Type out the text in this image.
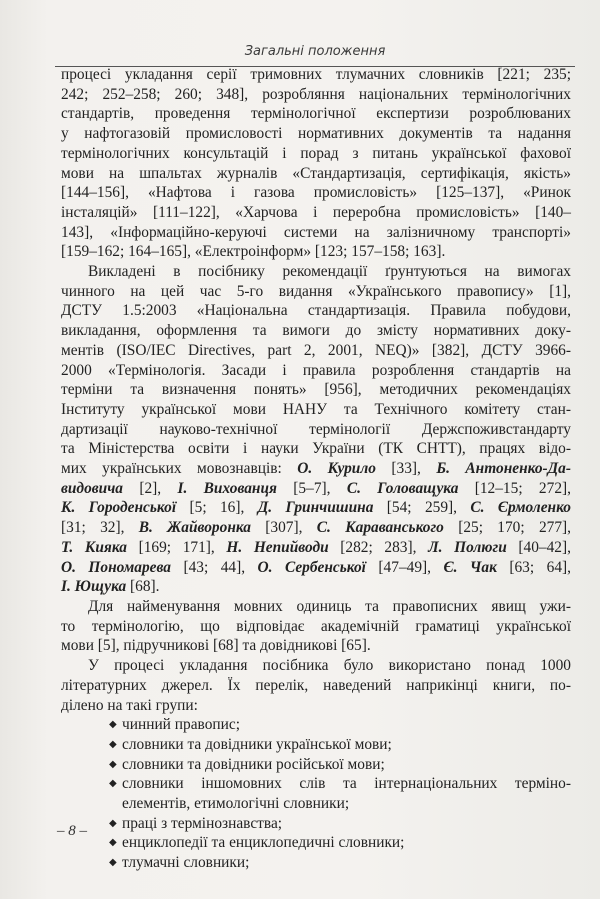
Загальні положення
процесі укладання серії тримовних тлумачних словників [221; 235;
242; 252–258; 260; 348], розробляння національних термінологічних
стандартів, проведення термінологічної експертизи розроблюваних
у нафтогазовій промисловості нормативних документів та надання
термінологічних консультацій і порад з питань української фахової
мови на шпальтах журналів «Стандартизація, сертифікація, якість»
[144–156], «Нафтова і газова промисловість» [125–137], «Ринок
інсталяцій» [111–122], «Харчова і переробна промисловість» [140–
143], «Інформаційно-керуючі системи на залізничному транспорті»
[159–162; 164–165], «Електроінформ» [123; 157–158; 163].
Викладені в посібнику рекомендації ґрунтуються на вимогах
чинного на цей час 5-го видання «Українського правопису» [1],
ДСТУ 1.5:2003 «Національна стандартизація. Правила побудови,
викладання, оформлення та вимоги до змісту нормативних доку-
ментів (ISO/IEC Directives, part 2, 2001, NEQ)» [382], ДСТУ 3966-
2000 «Термінологія. Засади і правила розроблення стандартів на
терміни та визначення понять» [956], методичних рекомендаціях
Інституту української мови НАНУ та Технічного комітету стан-
дартизації науково-технічної термінології Держспоживстандарту
та Міністерства освіти і науки України (ТК СНТТ), працях відо-
мих українських мовознавців: О. Курило [33], Б. Антоненко-Да-
видовича [2], І. Вихованця [5–7], С. Головащука [12–15; 272],
К. Городенської [5; 16], Д. Гринчишина [54; 259], С. Єрмоленко
[31; 32], В. Жайворонка [307], С. Караванського [25; 170; 277],
Т. Кияка [169; 171], Н. Непийводи [282; 283], Л. Полюги [40–42],
О. Пономарева [43; 44], О. Сербенської [47–49], Є. Чак [63; 64],
І. Ющука [68].
Для найменування мовних одиниць та правописних явищ ужи-
то термінологію, що відповідає академічній граматиці української
мови [5], підручникові [68] та довідникові [65].
У процесі укладання посібника було використано понад 1000
літературних джерел. Їх перелік, наведений наприкінці книги, по-
ділено на такі групи:
◆ чинний правопис;
◆ словники та довідники української мови;
◆ словники та довідники російської мови;
◆ словники іншомовних слів та інтернаціональних терміно-
елементів, етимологічні словники;
◆ праці з термінознавства;
◆ енциклопедії та енциклопедичні словники;
◆ тлумачні словники;
– 8 –
